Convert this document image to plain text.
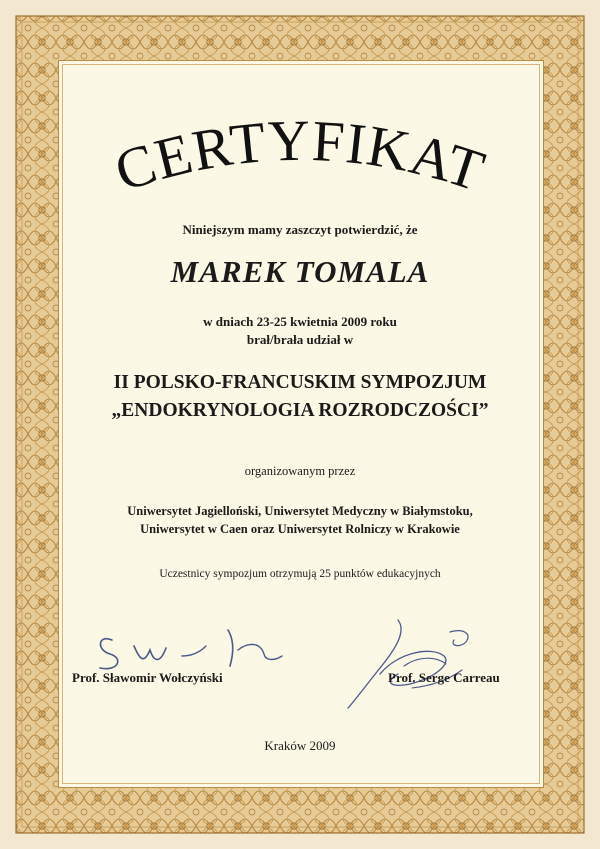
CERTYFIKAT
Niniejszym mamy zaszczyt potwierdzić, że
MAREK TOMALA
w dniach 23-25 kwietnia 2009 roku
brał/brała udział w
II POLSKO-FRANCUSKIM SYMPOZJUM
„ENDOKRYNOLOGIA ROZRODCZOŚCI”
organizowanym przez
Uniwersytet Jagielloński, Uniwersytet Medyczny w Białymstoku,
Uniwersytet w Caen oraz Uniwersytet Rolniczy w Krakowie
Uczestnicy sympozjum otrzymują 25 punktów edukacyjnych
Prof. Sławomir Wołczyński	Prof. Serge Carreau
Kraków 2009
